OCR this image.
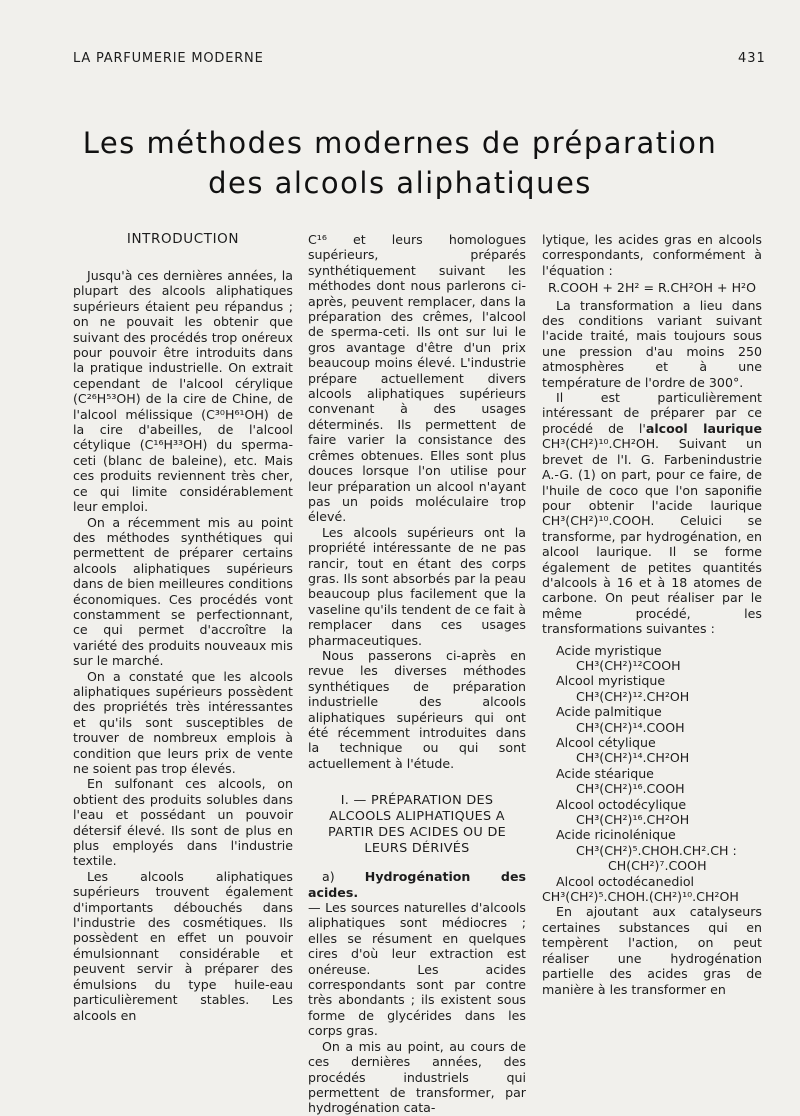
LA PARFUMERIE MODERNE	431
Les méthodes modernes de préparation
des alcools aliphatiques
INTRODUCTION

Jusqu'à ces dernières années, la plupart des alcools aliphatiques supérieurs étaient peu répandus ; on ne pouvait les obtenir que suivant des procédés trop onéreux pour pouvoir être introduits dans la pratique industrielle. On extrait cependant de l'alcool cérylique (C²⁶H⁵³OH) de la cire de Chine, de l'alcool mélissique (C³⁰H⁶¹OH) de la cire d'abeilles, de l'alcool cétylique (C¹⁶H³³OH) du sperma-ceti (blanc de baleine), etc. Mais ces produits reviennent très cher, ce qui limite considérablement leur emploi.

On a récemment mis au point des méthodes synthétiques qui permettent de préparer certains alcools aliphatiques supérieurs dans de bien meilleures conditions économiques. Ces procédés vont constamment se perfectionnant, ce qui permet d'accroître la variété des produits nouveaux mis sur le marché.

On a constaté que les alcools aliphatiques supérieurs possèdent des propriétés très intéressantes et qu'ils sont susceptibles de trouver de nombreux emplois à condition que leurs prix de vente ne soient pas trop élevés.

En sulfonant ces alcools, on obtient des produits solubles dans l'eau et possédant un pouvoir détersif élevé. Ils sont de plus en plus employés dans l'industrie textile.

Les alcools aliphatiques supérieurs trouvent également d'importants débouchés dans l'industrie des cosmétiques. Ils possèdent en effet un pouvoir émulsionnant considérable et peuvent servir à préparer des émulsions du type huile-eau particulièrement stables. Les alcools en

C¹⁶ et leurs homologues supérieurs, préparés synthétiquement suivant les méthodes dont nous parlerons ci-après, peuvent remplacer, dans la préparation des crêmes, l'alcool de sperma-ceti. Ils ont sur lui le gros avantage d'être d'un prix beaucoup moins élevé. L'industrie prépare actuellement divers alcools aliphatiques supérieurs convenant à des usages déterminés. Ils permettent de faire varier la consistance des crêmes obtenues. Elles sont plus douces lorsque l'on utilise pour leur préparation un alcool n'ayant pas un poids moléculaire trop élevé.

Les alcools supérieurs ont la propriété intéressante de ne pas rancir, tout en étant des corps gras. Ils sont absorbés par la peau beaucoup plus facilement que la vaseline qu'ils tendent de ce fait à remplacer dans ces usages pharmaceutiques.

Nous passerons ci-après en revue les diverses méthodes synthétiques de préparation industrielle des alcools aliphatiques supérieurs qui ont été récemment introduites dans la technique ou qui sont actuellement à l'étude.

I. — PRÉPARATION DES ALCOOLS ALIPHATIQUES A PARTIR DES ACIDES OU DE LEURS DÉRIVÉS

a) Hydrogénation des acides.

— Les sources naturelles d'alcools aliphatiques sont médiocres ; elles se résument en quelques cires d'où leur extraction est onéreuse. Les acides correspondants sont par contre très abondants ; ils existent sous forme de glycérides dans les corps gras.

On a mis au point, au cours de ces dernières années, des procédés industriels qui permettent de transformer, par hydrogénation cata-

lytique, les acides gras en alcools correspondants, conformément à l'équation :

R.COOH + 2H² = R.CH²OH + H²O

La transformation a lieu dans des conditions variant suivant l'acide traité, mais toujours sous une pression d'au moins 250 atmosphères et à une température de l'ordre de 300°.

Il est particulièrement intéressant de préparer par ce procédé de l'alcool laurique CH³(CH²)¹⁰.CH²OH. Suivant un brevet de l'I. G. Farbenindustrie A.-G. (1) on part, pour ce faire, de l'huile de coco que l'on saponifie pour obtenir l'acide laurique CH³(CH²)¹⁰.COOH. Celuici se transforme, par hydrogénation, en alcool laurique. Il se forme également de petites quantités d'alcools à 16 et à 18 atomes de carbone. On peut réaliser par le même procédé, les transformations suivantes :

Acide myristique
CH³(CH²)¹²COOH
Alcool myristique
CH³(CH²)¹².CH²OH
Acide palmitique
CH³(CH²)¹⁴.COOH
Alcool cétylique
CH³(CH²)¹⁴.CH²OH
Acide stéarique
CH³(CH²)¹⁶.COOH
Alcool octodécylique
CH³(CH²)¹⁶.CH²OH
Acide ricinolénique
CH³(CH²)⁵.CHOH.CH².CH :
CH(CH²)⁷.COOH
Alcool octodécanediol
CH³(CH²)⁵.CHOH.(CH²)¹⁰.CH²OH

En ajoutant aux catalyseurs certaines substances qui en tempèrent l'action, on peut réaliser une hydrogénation partielle des acides gras de manière à les transformer en
